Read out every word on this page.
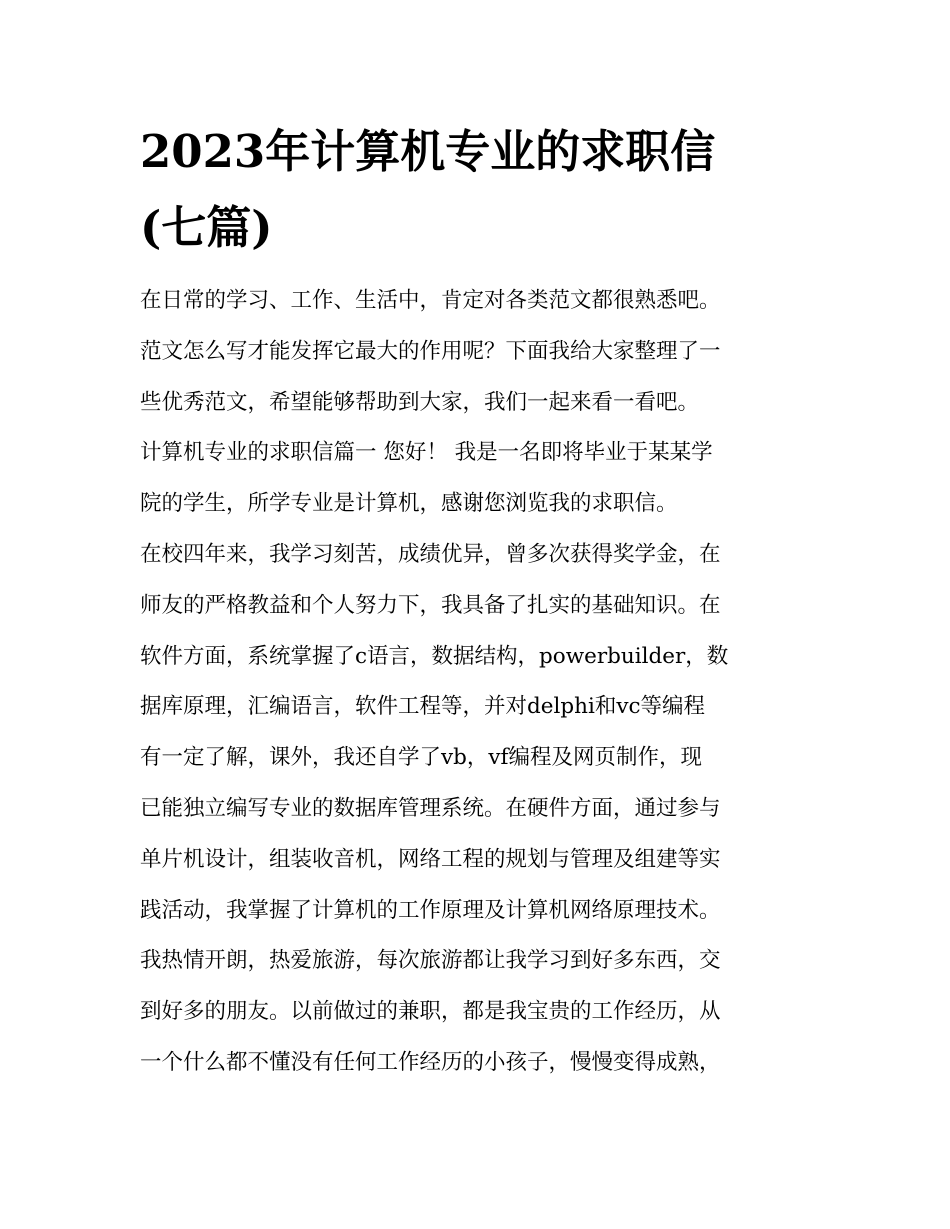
2023年计算机专业的求职信
(七篇)
在日常的学习、工作、生活中，肯定对各类范文都很熟悉吧。
范文怎么写才能发挥它最大的作用呢？下面我给大家整理了一
些优秀范文，希望能够帮助到大家，我们一起来看一看吧。
计算机专业的求职信篇一 您好！ 我是一名即将毕业于某某学
院的学生，所学专业是计算机，感谢您浏览我的求职信。
在校四年来，我学习刻苦，成绩优异，曾多次获得奖学金，在
师友的严格教益和个人努力下，我具备了扎实的基础知识。在
软件方面，系统掌握了c语言，数据结构，powerbuilder，数
据库原理，汇编语言，软件工程等，并对delphi和vc等编程
有一定了解，课外，我还自学了vb，vf编程及网页制作，现
已能独立编写专业的数据库管理系统。在硬件方面，通过参与
单片机设计，组装收音机，网络工程的规划与管理及组建等实
践活动，我掌握了计算机的工作原理及计算机网络原理技术。
我热情开朗，热爱旅游，每次旅游都让我学习到好多东西，交
到好多的朋友。以前做过的兼职，都是我宝贵的工作经历，从
一个什么都不懂没有任何工作经历的小孩子，慢慢变得成熟，
